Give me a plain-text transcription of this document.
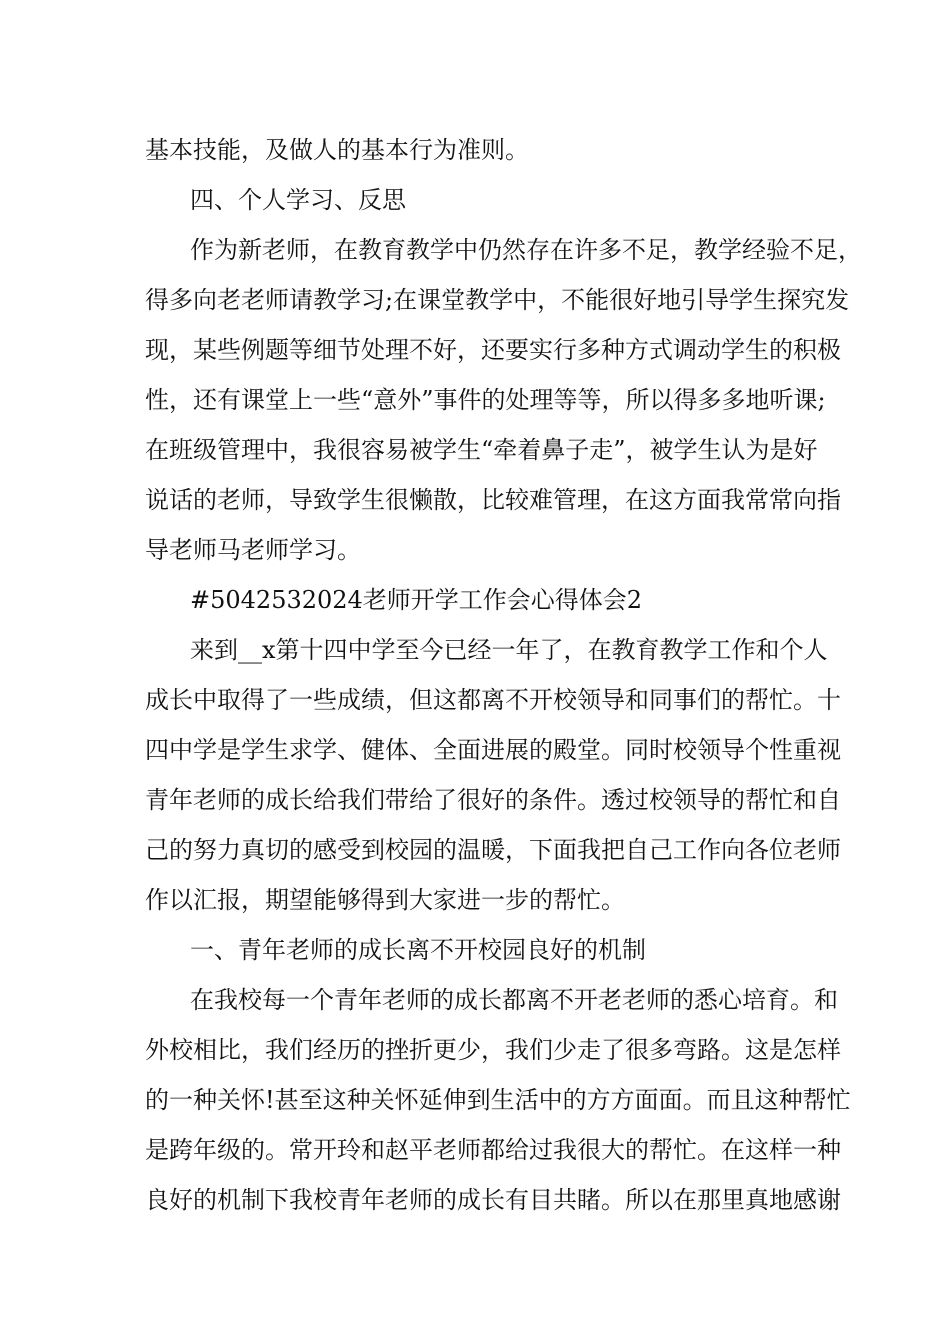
基本技能，及做人的基本行为准则。
四、个人学习、反思
作为新老师，在教育教学中仍然存在许多不足，教学经验不足，
得多向老老师请教学习;在课堂教学中，不能很好地引导学生探究发
现，某些例题等细节处理不好，还要实行多种方式调动学生的积极
性，还有课堂上一些“意外”事件的处理等等，所以得多多地听课;
在班级管理中，我很容易被学生“牵着鼻子走”，被学生认为是好
说话的老师，导致学生很懒散，比较难管理，在这方面我常常向指
导老师马老师学习。
#5042532024老师开学工作会心得体会2
来到__x第十四中学至今已经一年了，在教育教学工作和个人
成长中取得了一些成绩，但这都离不开校领导和同事们的帮忙。十
四中学是学生求学、健体、全面进展的殿堂。同时校领导个性重视
青年老师的成长给我们带给了很好的条件。透过校领导的帮忙和自
己的努力真切的感受到校园的温暖，下面我把自己工作向各位老师
作以汇报，期望能够得到大家进一步的帮忙。
一、青年老师的成长离不开校园良好的机制
在我校每一个青年老师的成长都离不开老老师的悉心培育。和
外校相比，我们经历的挫折更少，我们少走了很多弯路。这是怎样
的一种关怀!甚至这种关怀延伸到生活中的方方面面。而且这种帮忙
是跨年级的。常开玲和赵平老师都给过我很大的帮忙。在这样一种
良好的机制下我校青年老师的成长有目共睹。所以在那里真地感谢
